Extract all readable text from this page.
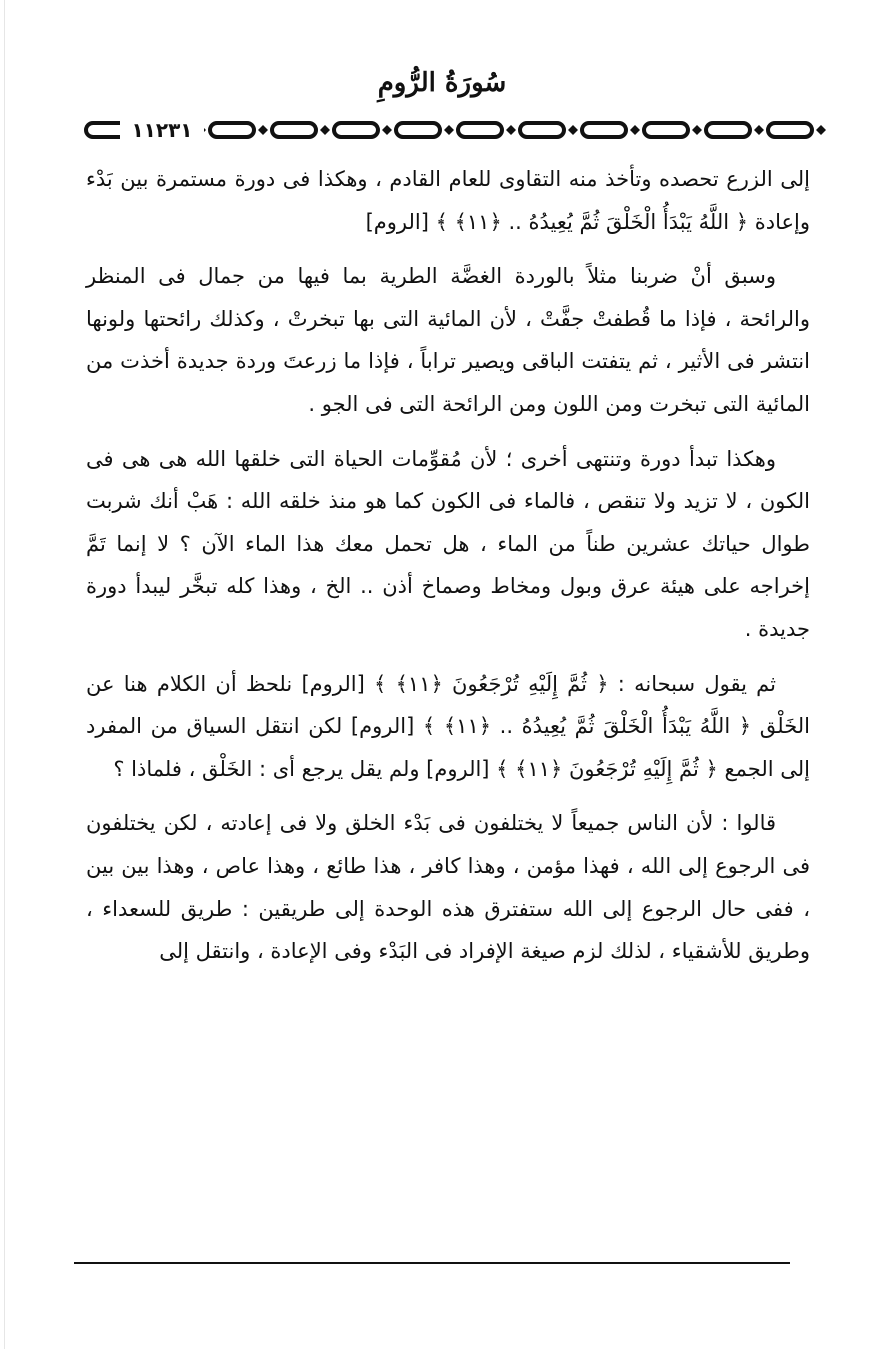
سُورَةُ الرُّومِ
١١٢٣١

إلى الزرع تحصده وتأخذ منه التقاوى للعام القادم ، وهكذا فى دورة مستمرة بين بَدْء وإعادة ﴿ اللَّهُ يَبْدَأُ الْخَلْقَ ثُمَّ يُعِيدُهُ .. ﴿١١﴾ ﴾ [الروم]

وسبق أنْ ضربنا مثلاً بالوردة الغضَّة الطرية بما فيها من جمال فى المنظر والرائحة ، فإذا ما قُطفتْ جفَّتْ ، لأن المائية التى بها تبخرتْ ، وكذلك رائحتها ولونها انتشر فى الأثير ، ثم يتفتت الباقى ويصير تراباً ، فإذا ما زرعتَ وردة جديدة أخذت من المائية التى تبخرت ومن اللون ومن الرائحة التى فى الجو .

وهكذا تبدأ دورة وتنتهى أخرى ؛ لأن مُقوِّمات الحياة التى خلقها الله هى هى فى الكون ، لا تزيد ولا تنقص ، فالماء فى الكون كما هو منذ خلقه الله : هَبْ أنك شربت طوال حياتك عشرين طناً من الماء ، هل تحمل معك هذا الماء الآن ؟ لا إنما تَمَّ إخراجه على هيئة عرق وبول ومخاط وصماخ أذن .. الخ ، وهذا كله تبخَّر ليبدأ دورة جديدة .

ثم يقول سبحانه : ﴿ ثُمَّ إِلَيْهِ تُرْجَعُونَ ﴿١١﴾ ﴾ [الروم] نلحظ أن الكلام هنا عن الخَلْق ﴿ اللَّهُ يَبْدَأُ الْخَلْقَ ثُمَّ يُعِيدُهُ .. ﴿١١﴾ ﴾ [الروم] لكن انتقل السياق من المفرد إلى الجمع ﴿ ثُمَّ إِلَيْهِ تُرْجَعُونَ ﴿١١﴾ ﴾ [الروم] ولم يقل يرجع أى : الخَلْق ، فلماذا ؟

قالوا : لأن الناس جميعاً لا يختلفون فى بَدْء الخلق ولا فى إعادته ، لكن يختلفون فى الرجوع إلى الله ، فهذا مؤمن ، وهذا كافر ، هذا طائع ، وهذا عاص ، وهذا بين بين ، ففى حال الرجوع إلى الله ستفترق هذه الوحدة إلى طريقين : طريق للسعداء ، وطريق للأشقياء ، لذلك لزم صيغة الإفراد فى البَدْء وفى الإعادة ، وانتقل إلى
